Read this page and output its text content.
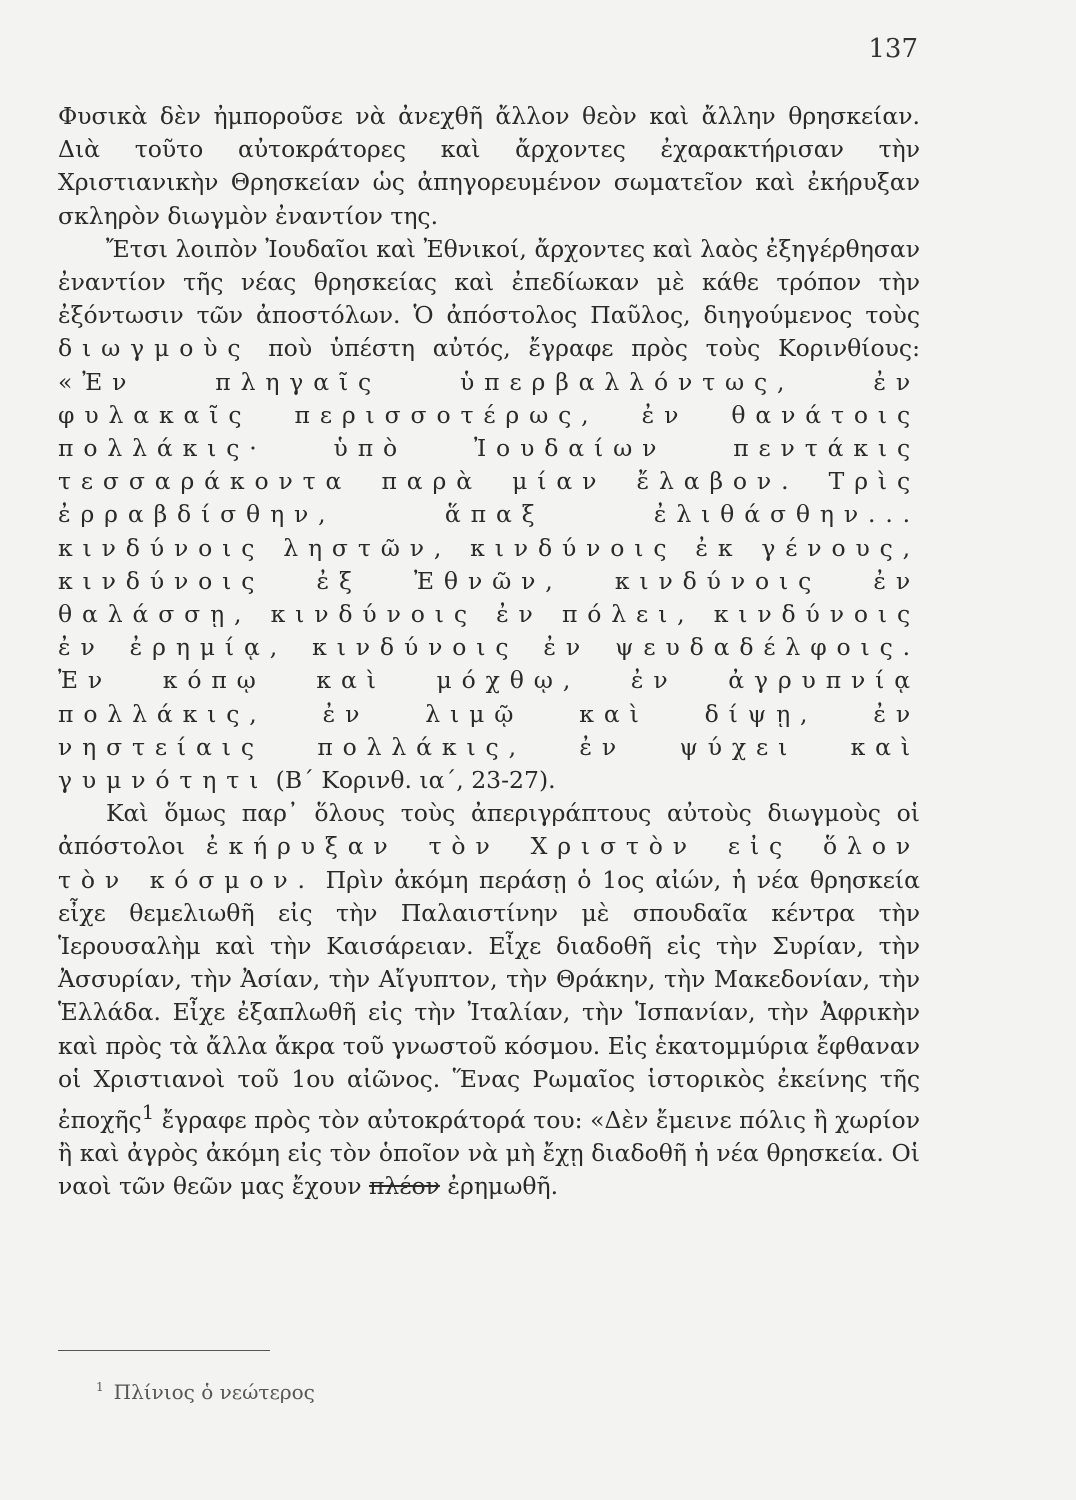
137

Φυσικὰ δὲν ἠμποροῦσε νὰ ἀνεχθῆ ἄλλον θεὸν καὶ ἄλλην θρησκείαν. Διὰ τοῦτο αὐτοκράτορες καὶ ἄρχοντες ἐχαρακτήρισαν τὴν Χριστιανικὴν Θρησκείαν ὡς ἀπηγορευμένον σωματεῖον καὶ ἐκήρυξαν σκληρὸν διωγμὸν ἐναντίον της.

Ἔτσι λοιπὸν Ἰουδαῖοι καὶ Ἐθνικοί, ἄρχοντες καὶ λαὸς ἐξηγέρθησαν ἐναντίον τῆς νέας θρησκείας καὶ ἐπεδίωκαν μὲ κάθε τρόπον τὴν ἐξόντωσιν τῶν ἀποστόλων. Ὁ ἀπόστολος Παῦλος, διηγούμενος τοὺς διωγμοὺς ποὺ ὑπέστη αὐτός, ἔγραφε πρὸς τοὺς Κορινθίους: «Ἐν πληγαῖς ὑπερβαλλόντως, ἐν φυλακαῖς περισσοτέρως, ἐν θανάτοις πολλάκις· ὑπὸ Ἰουδαίων πεντάκις τεσσαράκοντα παρὰ μίαν ἔλαβον. Τρὶς ἐρραβδίσθην, ἅπαξ ἐλιθάσθην... κινδύνοις ληστῶν, κινδύνοις ἐκ γένους, κινδύνοις ἐξ Ἐθνῶν, κινδύνοις ἐν θαλάσσῃ, κινδύνοις ἐν πόλει, κινδύνοις ἐν ἐρημίᾳ, κινδύνοις ἐν ψευδαδέλφοις. Ἐν κόπῳ καὶ μόχθῳ, ἐν ἀγρυπνίᾳ πολλάκις, ἐν λιμῷ καὶ δίψῃ, ἐν νηστείαις πολλάκις, ἐν ψύχει καὶ γυμνότητι (Β΄ Κορινθ. ια΄, 23-27).

Καὶ ὅμως παρ᾽ ὅλους τοὺς ἀπεριγράπτους αὐτοὺς διωγμοὺς οἱ ἀπόστολοι ἐκήρυξαν τὸν Χριστὸν εἰς ὅλον τὸν κόσμον. Πρὶν ἀκόμη περάσῃ ὁ 1ος αἰών, ἡ νέα θρησκεία εἶχε θεμελιωθῆ εἰς τὴν Παλαιστίνην μὲ σπουδαῖα κέντρα τὴν Ἱερουσαλὴμ καὶ τὴν Καισάρειαν. Εἶχε διαδοθῆ εἰς τὴν Συρίαν, τὴν Ἀσσυρίαν, τὴν Ἀσίαν, τὴν Αἴγυπτον, τὴν Θράκην, τὴν Μακεδονίαν, τὴν Ἑλλάδα. Εἶχε ἐξαπλωθῆ εἰς τὴν Ἰταλίαν, τὴν Ἱσπανίαν, τὴν Ἀφρικὴν καὶ πρὸς τὰ ἄλλα ἄκρα τοῦ γνωστοῦ κόσμου. Εἰς ἑκατομμύρια ἔφθαναν οἱ Χριστιανοὶ τοῦ 1ου αἰῶνος. Ἕνας Ρωμαῖος ἱστορικὸς ἐκείνης τῆς ἐποχῆς$^1$ ἔγραφε πρὸς τὸν αὐτοκράτορά του: «Δὲν ἔμεινε πόλις ἢ χωρίον ἢ καὶ ἀγρὸς ἀκόμη εἰς τὸν ὁποῖον νὰ μὴ ἔχῃ διαδοθῆ ἡ νέα θρησκεία. Οἱ ναοὶ τῶν θεῶν μας ἔχουν πλέον ἐρημωθῆ.

$^1$ Πλίνιος ὁ νεώτερος
